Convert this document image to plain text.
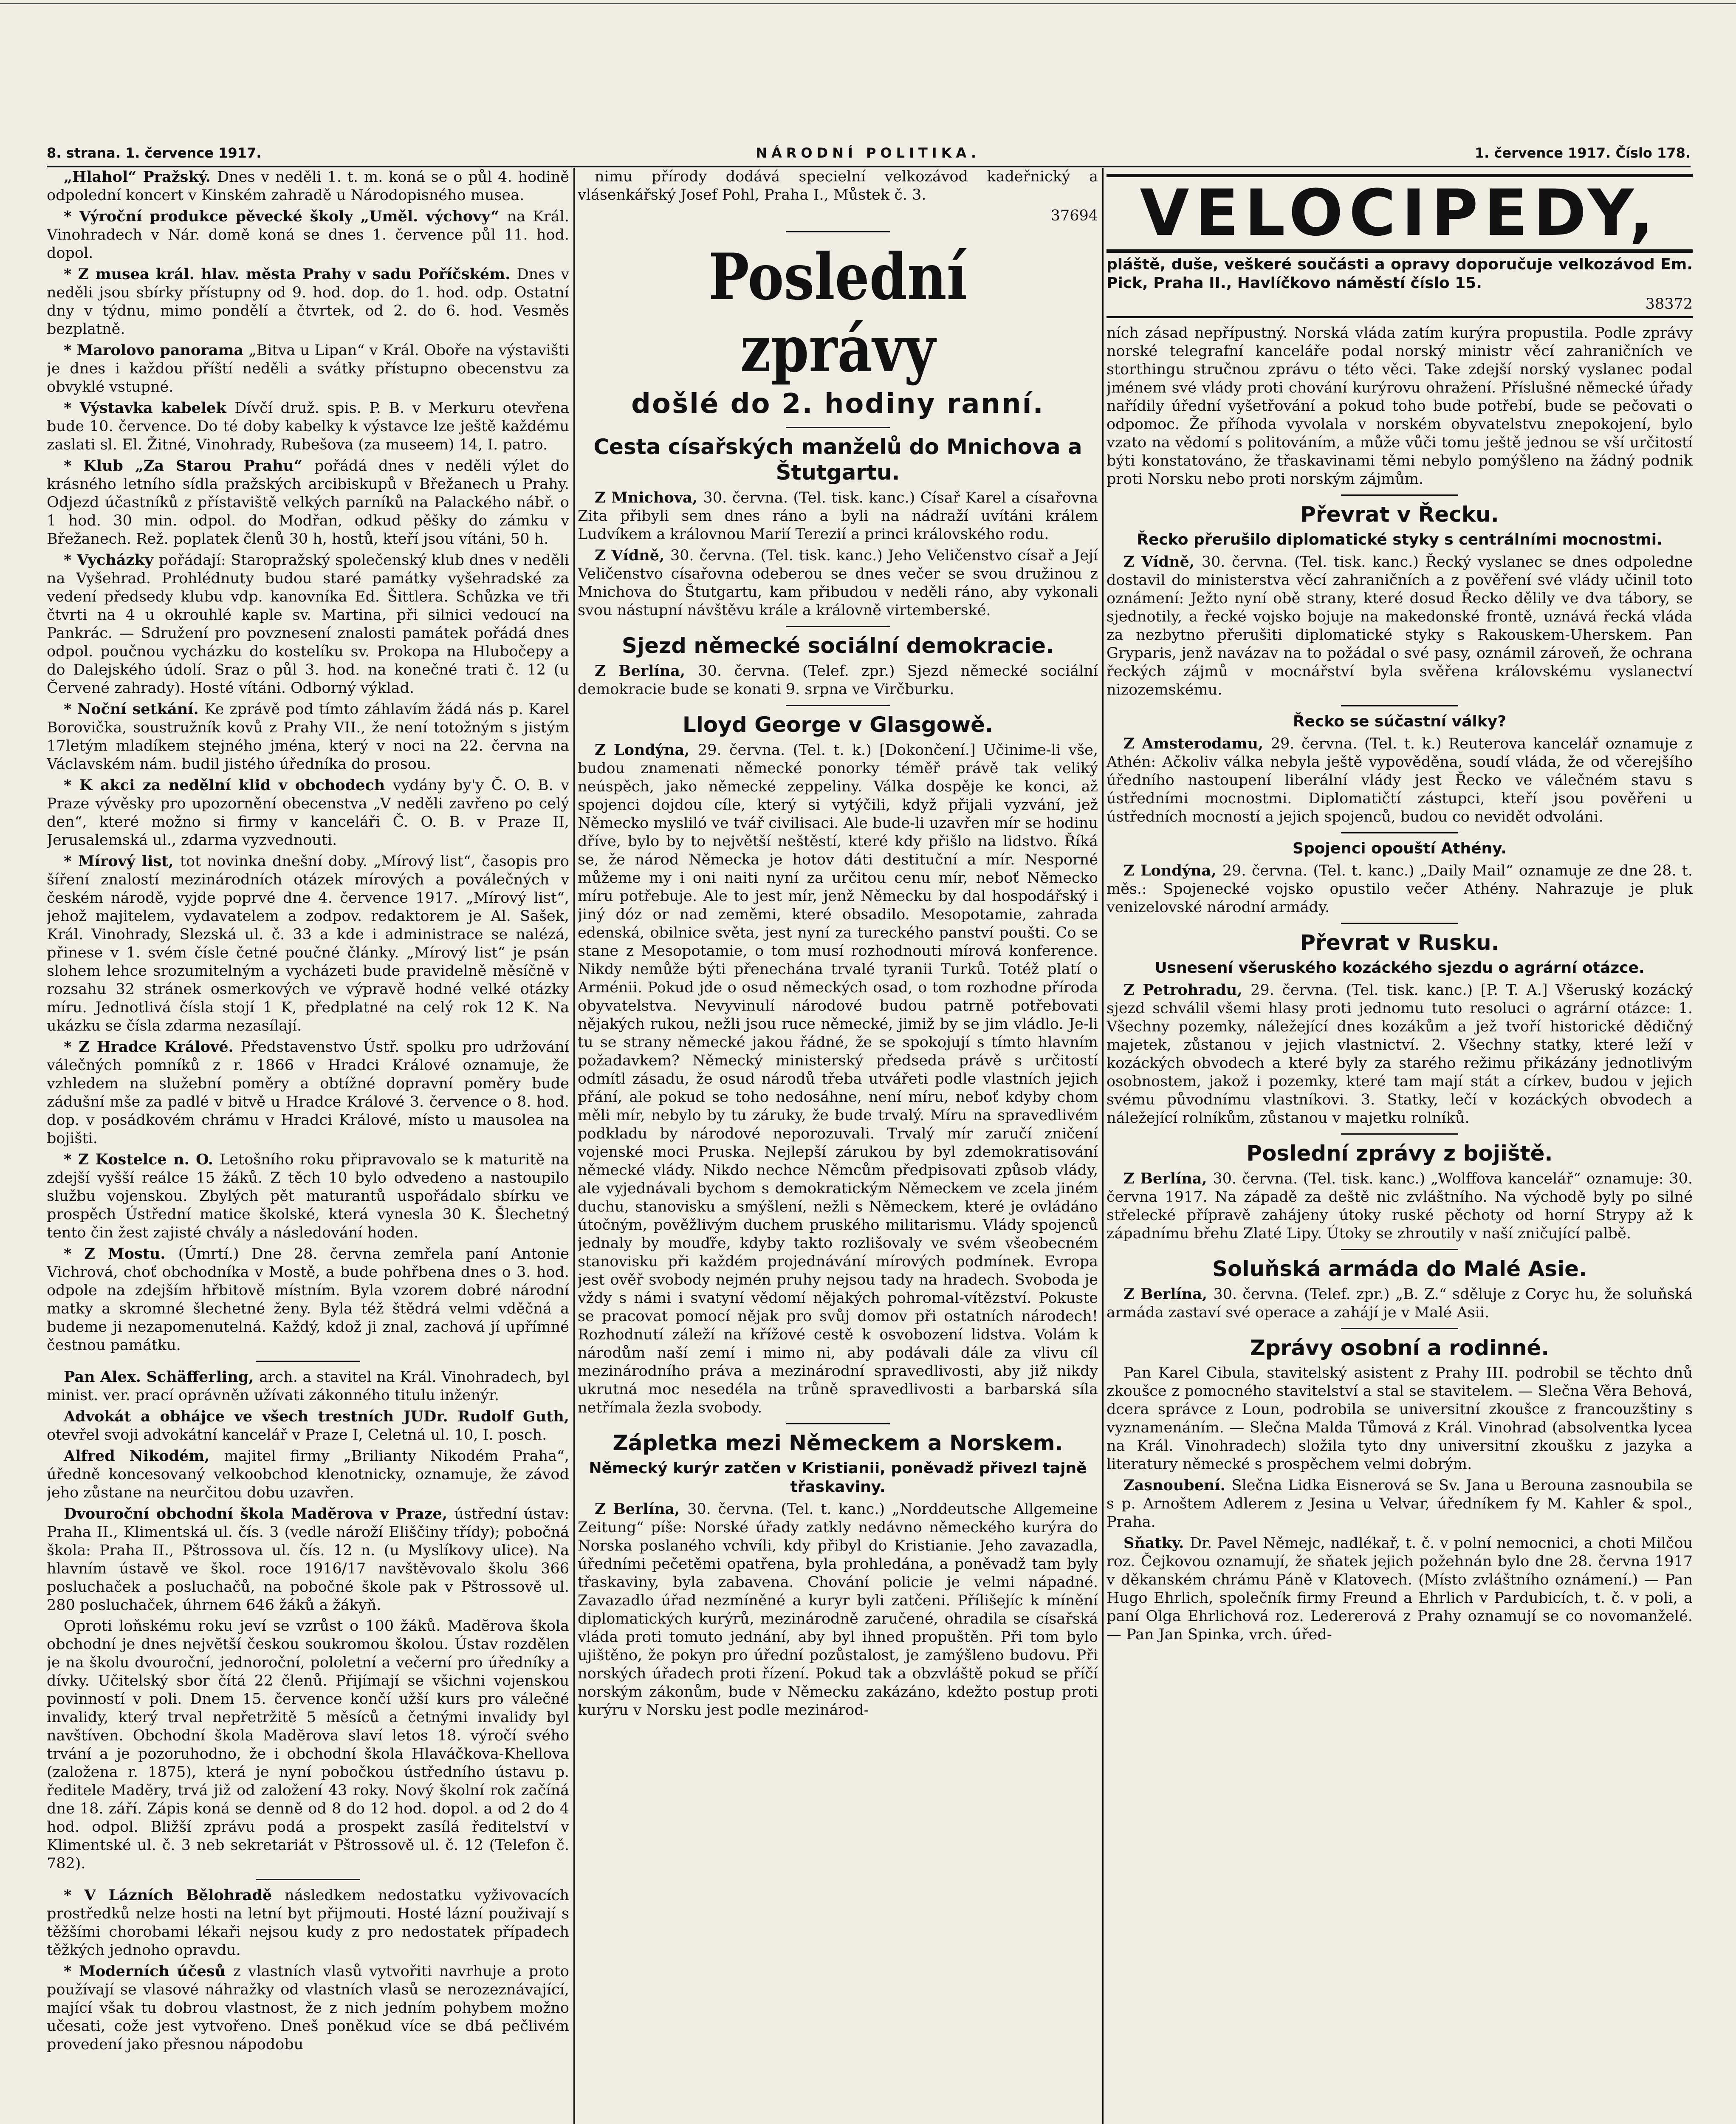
8. strana. 1. července 1917.	NÁRODNÍ POLITIKA.	1. července 1917. Číslo 178.

„Hlahol“ Pražský. Dnes v neděli 1. t. m. koná se o půl 4. hodině odpolední koncert v Kinském zahradě u Národopisného musea.

* Výroční produkce pěvecké školy „Uměl. výchovy“ na Král. Vinohradech v Nár. domě koná se dnes 1. července půl 11. hod. dopol.

* Z musea král. hlav. města Prahy v sadu Poříčském. Dnes v neděli jsou sbírky přístupny od 9. hod. dop. do 1. hod. odp. Ostatní dny v týdnu, mimo pondělí a čtvrtek, od 2. do 6. hod. Vesměs bezplatně.

* Marolovo panorama „Bitva u Lipan“ v Král. Oboře na výstavišti je dnes i každou příští neděli a svátky přístupno obecenstvu za obvyklé vstupné.

* Výstavka kabelek Dívčí druž. spis. P. B. v Merkuru otevřena bude 10. července. Do té doby kabelky k výstavce lze ještě každému zaslati sl. El. Žitné, Vinohrady, Rubešova (za museem) 14, I. patro.

* Klub „Za Starou Prahu“ pořádá dnes v neděli výlet do krásného letního sídla pražských arcibiskupů v Břežanech u Prahy. Odjezd účastníků z přístaviště velkých parníků na Palackého nábř. o 1 hod. 30 min. odpol. do Modřan, odkud pěšky do zámku v Břežanech. Rež. poplatek členů 30 h, hostů, kteří jsou vítáni, 50 h.

* Vycházky pořádají: Staropražský společenský klub dnes v neděli na Vyšehrad. Prohlédnuty budou staré památky vyšehradské za vedení předsedy klubu vdp. kanovníka Ed. Šittlera. Schůzka ve tři čtvrti na 4 u okrouhlé kaple sv. Martina, při silnici vedoucí na Pankrác. — Sdružení pro povznesení znalosti památek pořádá dnes odpol. poučnou vycházku do kostelíku sv. Prokopa na Hlubočepy a do Dalejského údolí. Sraz o půl 3. hod. na konečné trati č. 12 (u Červené zahrady). Hosté vítáni. Odborný výklad.

* Noční setkání. Ke zprávě pod tímto záhlavím žádá nás p. Karel Borovička, soustružník kovů z Prahy VII., že není totožným s jistým 17letým mladíkem stejného jména, který v noci na 22. června na Václavském nám. budil jistého úředníka do prosou.

* K akci za nedělní klid v obchodech vydány by'y Č. O. B. v Praze vývěsky pro upozornění obecenstva „V neděli zavřeno po celý den“, které možno si firmy v kanceláři Č. O. B. v Praze II, Jerusalemská ul., zdarma vyzvednouti.

* Mírový list, tot novinka dnešní doby. „Mírový list“, časopis pro šíření znalostí mezinárodních otázek mírových a poválečných v českém národě, vyjde poprvé dne 4. července 1917. „Mírový list“, jehož majitelem, vydavatelem a zodpov. redaktorem je Al. Sašek, Král. Vinohrady, Slezská ul. č. 33 a kde i administrace se nalézá, přinese v 1. svém čísle četné poučné články. „Mírový list“ je psán slohem lehce srozumitelným a vycházeti bude pravidelně měsíčně v rozsahu 32 stránek osmerkových ve výpravě hodné velké otázky míru. Jednotlivá čísla stojí 1 K, předplatné na celý rok 12 K. Na ukázku se čísla zdarma nezasílají.

* Z Hradce Králové. Představenstvo Ústř. spolku pro udržování válečných pomníků z r. 1866 v Hradci Králové oznamuje, že vzhledem na služební poměry a obtížné dopravní poměry bude zádušní mše za padlé v bitvě u Hradce Králové 3. července o 8. hod. dop. v posádkovém chrámu v Hradci Králové, místo u mausolea na bojišti.

* Z Kostelce n. O. Letošního roku připravovalo se k maturitě na zdejší vyšší reálce 15 žáků. Z těch 10 bylo odvedeno a nastoupilo službu vojenskou. Zbylých pět maturantů uspořádalo sbírku ve prospěch Ústřední matice školské, která vynesla 30 K. Šlechetný tento čin žest zajisté chvály a následování hoden.

* Z Mostu. (Úmrtí.) Dne 28. června zemřela paní Antonie Vichrová, choť obchodníka v Mostě, a bude pohřbena dnes o 3. hod. odpole na zdejším hřbitově místním. Byla vzorem dobré národní matky a skromné šlechetné ženy. Byla též štědrá velmi vděčná a budeme ji nezapomenutelná. Každý, kdož ji znal, zachová jí upřímné čestnou památku.

Pan Alex. Schäfferling, arch. a stavitel na Král. Vinohradech, byl minist. ver. prací oprávněn užívati zákonného titulu inženýr.

Advokát a obhájce ve všech trestních JUDr. Rudolf Guth, otevřel svoji advokátní kancelář v Praze I, Celetná ul. 10, I. posch.

Alfred Nikodém, majitel firmy „Brilianty Nikodém Praha“, úředně koncesovaný velkoobchod klenotnicky, oznamuje, že závod jeho zůstane na neurčitou dobu uzavřen.

Dvouroční obchodní škola Madĕrova v Praze, ústřední ústav: Praha II., Klimentská ul. čís. 3 (vedle nároží Eliščiny třídy); pobočná škola: Praha II., Pštrossova ul. čís. 12 n. (u Myslíkovy ulice). Na hlavním ústavě ve škol. roce 1916/17 navštěvovalo školu 366 posluchaček a posluchačů, na pobočné škole pak v Pštrossově ul. 280 posluchaček, úhrnem 646 žáků a žákyň.

Oproti loňskému roku jeví se vzrůst o 100 žáků. Madĕrova škola obchodní je dnes nejvĕtší českou soukromou školou. Ústav rozdělen je na školu dvouroční, jednoroční, pololetní a večerní pro úředníky a dívky. Učitelský sbor čítá 22 členů. Přijímají se všichni vojenskou povinností v poli. Dnem 15. července končí užší kurs pro válečné invalidy, který trval nepřetržitě 5 měsíců a četnými invalidy byl navštíven. Obchodní škola Madĕrova slaví letos 18. výročí svého trvání a je pozoruhodno, že i obchodní škola Hlaváčkova-Khellova (založena r. 1875), která je nyní pobočkou ústředního ústavu p. ředitele Madĕry, trvá již od založení 43 roky. Nový školní rok začíná dne 18. září. Zápis koná se denně od 8 do 12 hod. dopol. a od 2 do 4 hod. odpol. Bližší zprávu podá a prospekt zasílá ředitelství v Klimentské ul. č. 3 neb sekretariát v Pštrossově ul. č. 12 (Telefon č. 782).

* V Lázních Bělohradě následkem nedostatku vyživovacích prostředků nelze hosti na letní byt přijmouti. Hosté lázní použivají s těžšími chorobami lékaři nejsou kudy z pro nedostatek případech těžkých jednoho opravdu.

* Moderních účesů z vlastních vlasů vytvořiti navrhuje a proto používají se vlasové náhražky od vlastních vlasů se nerozeznávající, mající však tu dobrou vlastnost, že z nich jedním pohybem možno učesati, cože jest vytvořeno. Dneš poněkud více se dbá pečlivém provedení jako přesnou nápodobu

nimu přírody dodává specielní velkozávod kadeřnický a vlásenkářský Josef Pohl, Praha I., Můstek č. 3.

37694

Poslední zprávy
došlé do 2. hodiny ranní.
Cesta císařských manželů do Mnichova a Štutgartu.

Z Mnichova, 30. června. (Tel. tisk. kanc.) Císař Karel a císařovna Zita přibyli sem dnes ráno a byli na nádraží uvítáni králem Ludvíkem a královnou Marií Terezií a princi královského rodu.

Z Vídně, 30. června. (Tel. tisk. kanc.) Jeho Veličenstvo císař a Její Veličenstvo císařovna odeberou se dnes večer se svou družinou z Mnichova do Štutgartu, kam přibudou v neděli ráno, aby vykonali svou nástupní návštěvu krále a královně virtemberské.

Sjezd německé sociální demokracie.

Z Berlína, 30. června. (Telef. zpr.) Sjezd německé sociální demokracie bude se konati 9. srpna ve Virčburku.

Lloyd George v Glasgowě.

Z Londýna, 29. června. (Tel. t. k.) [Dokončení.] Učinime-li vše, budou znamenati německé ponorky téměř právě tak veliký neúspěch, jako německé zeppeliny. Válka dospěje ke konci, až spojenci dojdou cíle, který si vytýčili, když přijali vyzvání, jež Německo mysliló ve tvář civilisaci. Ale bude-li uzavřen mír se hodinu dříve, bylo by to největší neštěstí, které kdy přišlo na lidstvo. Říká se, že národ Německa je hotov dáti destituční a mír. Nesporné můžeme my i oni naiti nyní za určitou cenu mír, neboť Německo míru potřebuje. Ale to jest mír, jenž Německu by dal hospodářský i jiný dóz or nad zeměmi, které obsadilo. Mesopotamie, zahrada edenská, obilnice světa, jest nyní za tureckého panství poušti. Co se stane z Mesopotamie, o tom musí rozhodnouti mírová konference. Nikdy nemůže býti přenechána trvalé tyranii Turků. Totéž platí o Arménii. Pokud jde o osud německých osad, o tom rozhodne příroda obyvatelstva. Nevyvinulí národové budou patrně potřebovati nějakých rukou, nežli jsou ruce německé, jimiž by se jim vládlo. Je-li tu se strany německé jakou řádné, že se spokojují s tímto hlavním požadavkem? Německý ministerský předseda právě s určitostí odmítl zásadu, že osud národů třeba utvářeti podle vlastních jejich přání, ale pokud se toho nedosáhne, není míru, neboť kdyby chom měli mír, nebylo by tu záruky, že bude trvalý. Míru na spravedlivém podkladu by národové neporozuvali. Trvalý mír zaručí zničení vojenské moci Pruska. Nejlepší zárukou by byl zdemokratisování německé vlády. Nikdo nechce Němcům předpisovati způsob vlády, ale vyjednávali bychom s demokratickým Německem ve zcela jiném duchu, stanovisku a smýšlení, nežli s Německem, které je ovládáno útočným, pověžlivým duchem pruského militarismu. Vlády spojenců jednaly by mouďře, kdyby takto rozlišovaly ve svém všeobecném stanovisku při každém projednávání mírových podmínek. Evropa jest ověř svobody nejmén pruhy nejsou tady na hradech. Svoboda je vždy s námi i svatyní vědomí nějakých pohromal-vítězství. Pokuste se pracovat pomocí nějak pro svůj domov při ostatních národech! Rozhodnutí záleží na křížové cestě k osvobození lidstva. Volám k národům naší zemí i mimo ni, aby podávali dále za vlivu cíl mezinárodního práva a mezinárodní spravedlivosti, aby již nikdy ukrutná moc nesedéla na trůně spravedlivosti a barbarská síla netřímala žezla svobody.

Zápletka mezi Německem a Norskem.
Německý kurýr zatčen v Kristianii, poněvadž přivezl tajně třaskaviny.

Z Berlína, 30. června. (Tel. t. kanc.) „Norddeutsche Allgemeine Zeitung“ píše: Norské úřady zatkly nedávno německého kurýra do Norska poslaného vchvíli, kdy přibyl do Kristianie. Jeho zavazadla, úředními pečetěmi opatřena, byla prohledána, a poněvadž tam byly třaskaviny, byla zabavena. Chování policie je velmi nápadné. Zavazadlo úřad nezmíněné a kuryr byli zatčeni. Přílišejíc k mínění diplomatických kurýrů, mezinárodně zaručené, ohradila se císařská vláda proti tomuto jednání, aby byl ihned propuštěn. Při tom bylo ujištěno, že pokyn pro úřední pozůstalost, je zamýšleno budovu. Při norských úřadech proti řízení. Pokud tak a obzvláště pokud se příčí norským zákonům, bude v Německu zakázáno, kdežto postup proti kurýru v Norsku jest podle mezinárod-

VELOCIPEDY,

pláště, duše, veškeré součásti a opravy doporučuje velkozávod Em. Pick, Praha II., Havlíčkovo náměstí číslo 15.

38372

ních zásad nepřípustný. Norská vláda zatím kurýra propustila. Podle zprávy norské telegrafní kanceláře podal norský ministr věcí zahraničních ve storthingu stručnou zprávu o této věci. Take zdejší norský vyslanec podal jménem své vlády proti chování kurýrovu ohražení. Příslušné německé úřady nařídily úřední vyšetřování a pokud toho bude potřebí, bude se pečovati o odpomoc. Že příhoda vyvolala v norském obyvatelstvu znepokojení, bylo vzato na vědomí s politováním, a může vůči tomu ještě jednou se vší určitostí býti konstatováno, že třaskavinami těmi nebylo pomýšleno na žádný podnik proti Norsku nebo proti norským zájmům.

Převrat v Řecku.
Řecko přerušilo diplomatické styky s centrálními mocnostmi.

Z Vídně, 30. června. (Tel. tisk. kanc.) Řecký vyslanec se dnes odpoledne dostavil do ministerstva věcí zahraničních a z pověření své vlády učinil toto oznámení: Ježto nyní obě strany, které dosud Řecko dělily ve dva tábory, se sjednotily, a řecké vojsko bojuje na makedonské frontě, uznává řecká vláda za nezbytno přerušiti diplomatické styky s Rakouskem-Uherskem. Pan Gryparis, jenž navázav na to požádal o své pasy, oznámil zároveň, že ochrana řeckých zájmů v mocnářství byla svěřena královskému vyslanectví nizozemskému.

Řecko se súčastní války?

Z Amsterodamu, 29. června. (Tel. t. k.) Reuterova kancelář oznamuje z Athén: Ačkoliv válka nebyla ještě vypověděna, soudí vláda, že od včerejšího úředního nastoupení liberální vlády jest Řecko ve válečném stavu s ústředními mocnostmi. Diplomatičtí zástupci, kteří jsou pověřeni u ústředních mocností a jejich spojenců, budou co nevidět odvoláni.

Spojenci opouští Athény.

Z Londýna, 29. června. (Tel. t. kanc.) „Daily Mail“ oznamuje ze dne 28. t. měs.: Spojenecké vojsko opustilo večer Athény. Nahrazuje je pluk venizelovské národní armády.

Převrat v Rusku.
Usnesení všeruského kozáckého sjezdu o agrární otázce.

Z Petrohradu, 29. června. (Tel. tisk. kanc.) [P. T. A.] Všeruský kozácký sjezd schválil všemi hlasy proti jednomu tuto resoluci o agrární otázce: 1. Všechny pozemky, náležející dnes kozákům a jež tvoří historické dědičný majetek, zůstanou v jejich vlastnictví. 2. Všechny statky, které leží v kozáckých obvodech a které byly za starého režimu přikázány jednotlivým osobnostem, jakož i pozemky, které tam mají stát a církev, budou v jejich svému původnímu vlastníkovi. 3. Statky, lečí v kozáckých obvodech a náležející rolníkům, zůstanou v majetku rolníků.

Poslední zprávy z bojiště.

Z Berlína, 30. června. (Tel. tisk. kanc.) „Wolffova kancelář“ oznamuje: 30. června 1917. Na západě za deště nic zvláštního. Na východě byly po silné střelecké přípravě zahájeny útoky ruské pěchoty od horní Strypy až k západnímu břehu Zlaté Lipy. Útoky se zhroutily v naší zničující palbě.

Soluňská armáda do Malé Asie.

Z Berlína, 30. června. (Telef. zpr.) „B. Z.“ sděluje z Coryc hu, že soluňská armáda zastaví své operace a zahájí je v Malé Asii.

Zprávy osobní a rodinné.

Pan Karel Cibula, stavitelský asistent z Prahy III. podrobil se těchto dnů zkoušce z pomocného stavitelství a stal se stavitelem. — Slečna Věra Behová, dcera správce z Loun, podrobila se universitní zkoušce z francouzštiny s vyznamenáním. — Slečna Malda Tůmová z Král. Vinohrad (absolventka lycea na Král. Vinohradech) složila tyto dny universitní zkoušku z jazyka a literatury německé s prospěchem velmi dobrým.

Zasnoubení. Slečna Lidka Eisnerová se Sv. Jana u Berouna zasnoubila se s p. Arnoštem Adlerem z Jesina u Velvar, úředníkem fy M. Kahler & spol., Praha.

Sňatky. Dr. Pavel Němejc, nadlékař, t. č. v polní nemocnici, a choti Milčou roz. Čejkovou oznamují, že sňatek jejich požehnán bylo dne 28. června 1917 v děkanském chrámu Páně v Klatovech. (Místo zvláštního oznámení.) — Pan Hugo Ehrlich, společník firmy Freund a Ehrlich v Pardubicích, t. č. v poli, a paní Olga Ehrlichová roz. Ledererová z Prahy oznamují se co novomanželé. — Pan Jan Spinka, vrch. úřed-
